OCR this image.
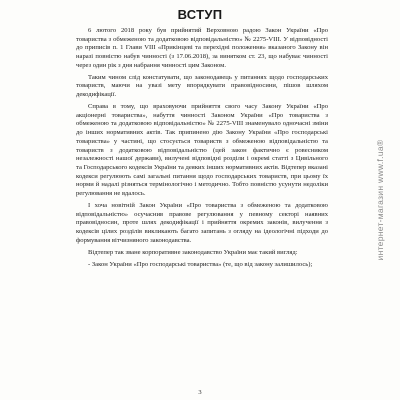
ВСТУП

6 лютого 2018 року був прийнятий Верховною радою Закон України «Про товариства з обмеженою та додатковою відповідальністю» № 2275-VIII. У відповідності до приписів п. 1 Глави VIII «Прикінцеві та перехідні положення» вказаного Закону він наразі повністю набув чинності (з 17.06.2018), за винятком ст. 23, що набуває чинності через один рік з дня набрання чинності цим Законом.

Таким чином слід констатувати, що законодавець у питаннях щодо господарських товариств, маючи на увазі мету впорядкувати правовідносини, пішов шляхом декодифікації.

Справа в тому, що враховуючи прийняття свого часу Закону України «Про акціонерні товариства», набуття чинності Законом України «Про товариства з обмеженою та додатковою відповідальністю» № 2275-VIII знаменувало одночасні зміни до інших нормативних актів. Так припинено дію Закону України «Про господарські товариства» у частині, що стосується товариств з обмеженою відповідальністю та товариств з додатковою відповідальністю (цей закон фактично є ровесником незалежності нашої держави), вилучені відповідні розділи і окремі статті з Цивільного та Господарського кодексів України та деяких інших нормативних актів. Відтепер вказані кодекси регулюють самі загальні питання щодо господарських товариств, при цьому їх норми й надалі різняться термінологічно і методично. Тобто повністю усунути недоліки регулювання не вдалось.

І хоча новітній Закон України «Про товариства з обмеженою та додатковою відповідальністю» осучаснив правове регулювання у певному секторі наявних правовідносин, проте шлях декодифікації і прийняття окремих законів, вилучення з кодексів цілих розділів викликають багато запитань з огляду на ідеологічні підходи до формування вітчизняного законодавства.

Відтепер так зване корпоративне законодавство України має такий вигляд:

- Закон України «Про господарські товариства» (те, що від закону залишилось);

3
интернет-магазин www.f.ua®
